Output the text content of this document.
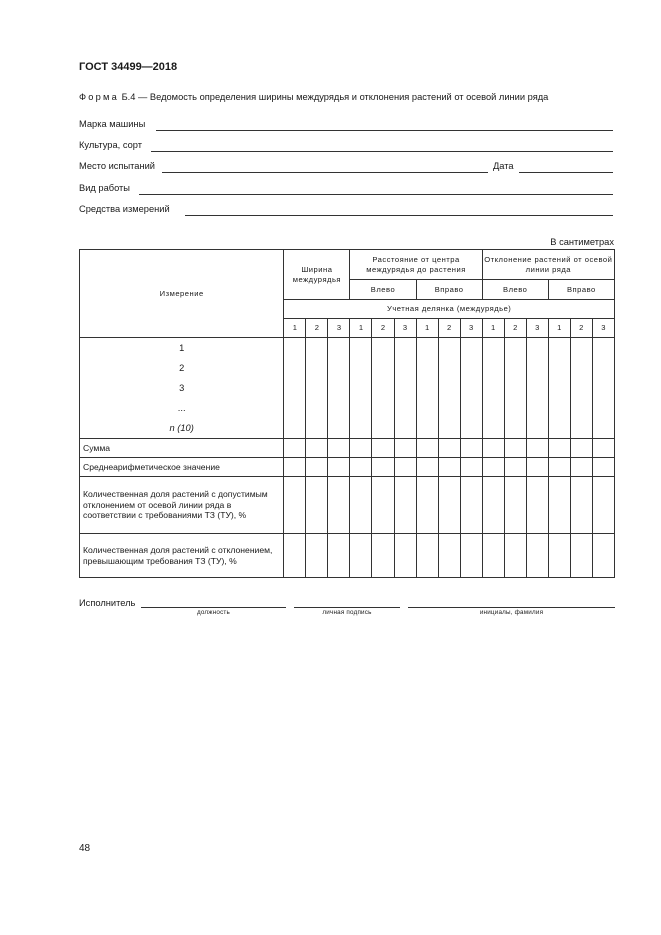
ГОСТ 34499—2018
Форма Б.4 — Ведомость определения ширины междурядья и отклонения растений от осевой линии ряда
Марка машины
Культура, сорт
Место испытаний	Дата
Вид работы
Средства измерений
В сантиметрах
Измерение	Ширина междурядья			Расстояние от центра междурядья до растения						Отклонение растений от осевой линии ряда					
				Влево			Вправо			Влево			Вправо		
	Учетная делянка (междурядье)														
	1	2	3	1	2	3	1	2	3	1	2	3	1	2	3

1
2
3
...
n (10)															

Сумма															
Среднеарифметическое значение															
Количественная доля растений с допустимым отклонением от осевой линии ряда в соответствии с требованиями ТЗ (ТУ), %															
Количественная доля растений с отклонением, превышающим требования ТЗ (ТУ), %															
Исполнитель
должность	личная подпись	инициалы, фамилия
48
